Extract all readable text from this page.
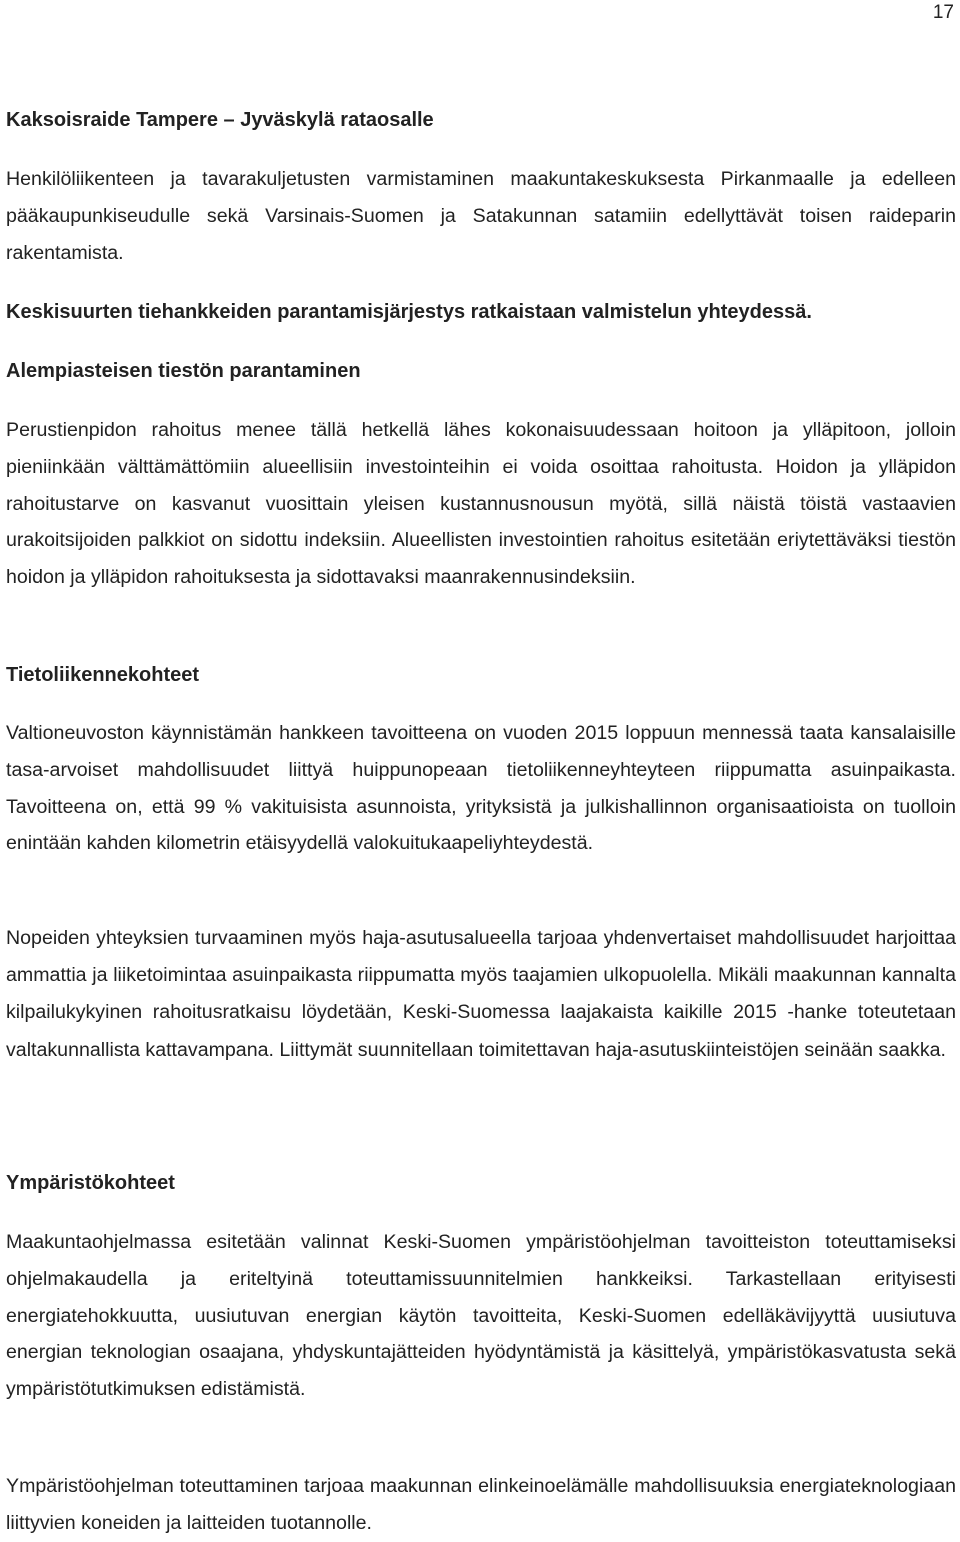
17
Kaksoisraide Tampere – Jyväskylä rataosalle

Henkilöliikenteen ja tavarakuljetusten varmistaminen maakuntakeskuksesta Pirkanmaalle ja edelleen pääkaupunkiseudulle sekä Varsinais-Suomen ja Satakunnan satamiin edellyttävät toisen raideparin rakentamista.

Keskisuurten tiehankkeiden parantamisjärjestys ratkaistaan valmistelun yhteydessä.
Alempiasteisen tiestön parantaminen

Perustienpidon rahoitus menee tällä hetkellä lähes kokonaisuudessaan hoitoon ja ylläpitoon, jolloin pieniinkään välttämättömiin alueellisiin investointeihin ei voida osoittaa rahoitusta. Hoidon ja ylläpidon rahoitustarve on kasvanut vuosittain yleisen kustannusnousun myötä, sillä näistä töistä vastaavien urakoitsijoiden palkkiot on sidottu indeksiin. Alueellisten investointien rahoitus esitetään eriytettäväksi tiestön hoidon ja ylläpidon rahoituksesta ja sidottavaksi maanrakennusindeksiin.

Tietoliikennekohteet

Valtioneuvoston käynnistämän hankkeen tavoitteena on vuoden 2015 loppuun mennessä taata kansalaisille tasa-arvoiset mahdollisuudet liittyä huippunopeaan tietoliikenneyhteyteen riippumatta asuinpaikasta. Tavoitteena on, että 99 % vakituisista asunnoista, yrityksistä ja julkishallinnon organisaatioista on tuolloin enintään kahden kilometrin etäisyydellä valokuitukaapeliyhteydestä.

Nopeiden yhteyksien turvaaminen myös haja-asutusalueella tarjoaa yhdenvertaiset mahdollisuudet harjoittaa ammattia ja liiketoimintaa asuinpaikasta riippumatta myös taajamien ulkopuolella. Mikäli maakunnan kannalta kilpailukykyinen rahoitusratkaisu löydetään, Keski-Suomessa laajakaista kaikille 2015 -hanke toteutetaan valtakunnallista kattavampana. Liittymät suunnitellaan toimitettavan haja-asutuskiinteistöjen seinään saakka.

Ympäristökohteet

Maakuntaohjelmassa esitetään valinnat Keski-Suomen ympäristöohjelman tavoitteiston toteuttamiseksi ohjelmakaudella ja eriteltyinä toteuttamissuunnitelmien hankkeiksi. Tarkastellaan erityisesti energiatehokkuutta, uusiutuvan energian käytön tavoitteita, Keski-Suomen edelläkävijyyttä uusiutuva energian teknologian osaajana, yhdyskuntajätteiden hyödyntämistä ja käsittelyä, ympäristökasvatusta sekä ympäristötutkimuksen edistämistä.

Ympäristöohjelman toteuttaminen tarjoaa maakunnan elinkeinoelämälle mahdollisuuksia energiateknologiaan liittyvien koneiden ja laitteiden tuotannolle.
